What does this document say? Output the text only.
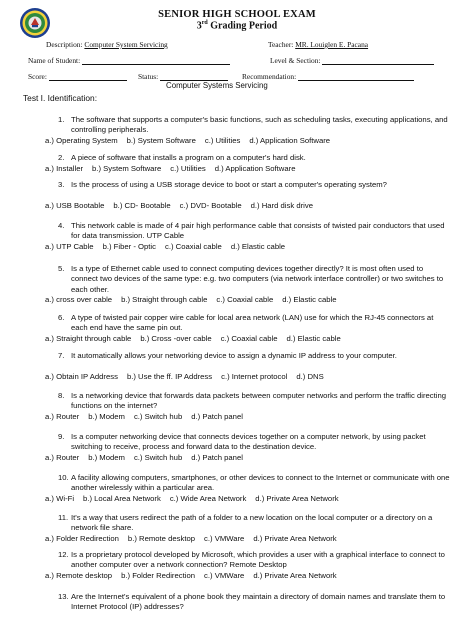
SENIOR HIGH SCHOOL EXAM
3rd Grading Period
Description: Computer System Servicing	Teacher: MR. Louiglen E. Pacana
Name of Student:	Level & Section:
Score:	Status:	Recommendation:
Computer Systems Servicing
Test I. Identification:
1. The software that supports a computer's basic functions, such as scheduling tasks, executing applications, and controlling peripherals.
a.) Operating System b.) System Software c.) Utilities d.) Application Software
2. A piece of software that installs a program on a computer's hard disk.
a.) Installer b.) System Software c.) Utilities d.) Application Software
3. Is the process of using a USB storage device to boot or start a computer's operating system?
a.) USB Bootable b.) CD- Bootable c.) DVD- Bootable d.) Hard disk drive
4. This network cable is made of 4 pair high performance cable that consists of twisted pair conductors that used for data transmission. UTP Cable
a.) UTP Cable b.) Fiber - Optic c.) Coaxial cable d.) Elastic cable
5. Is a type of Ethernet cable used to connect computing devices together directly? It is most often used to connect two devices of the same type: e.g. two computers (via network interface controller) or two switches to each other.
a.) cross over cable b.) Straight through cable c.) Coaxial cable d.) Elastic cable
6. A type of twisted pair copper wire cable for local area network (LAN) use for which the RJ-45 connectors at each end have the same pin out.
a.) Straight through cable b.) Cross -over cable c.) Coaxial cable d.) Elastic cable
7. It automatically allows your networking device to assign a dynamic IP address to your computer.
a.) Obtain IP Address b.) Use the ff. IP Address c.) Internet protocol d.) DNS
8. Is a networking device that forwards data packets between computer networks and perform the traffic directing functions on the internet?
a.) Router b.) Modem c.) Switch hub d.) Patch panel
9. Is a computer networking device that connects devices together on a computer network, by using packet switching to receive, process and forward data to the destination device.
a.) Router b.) Modem c.) Switch hub d.) Patch panel
10. A facility allowing computers, smartphones, or other devices to connect to the Internet or communicate with one another wirelessly within a particular area.
a.) Wi-Fi b.) Local Area Network c.) Wide Area Network d.) Private Area Network
11. It's a way that users redirect the path of a folder to a new location on the local computer or a directory on a network file share.
a.) Folder Redirection b.) Remote desktop c.) VMWare d.) Private Area Network
12. Is a proprietary protocol developed by Microsoft, which provides a user with a graphical interface to connect to another computer over a network connection? Remote Desktop
a.) Remote desktop b.) Folder Redirection c.) VMWare d.) Private Area Network
13. Are the Internet's equivalent of a phone book they maintain a directory of domain names and translate them to Internet Protocol (IP) addresses?
